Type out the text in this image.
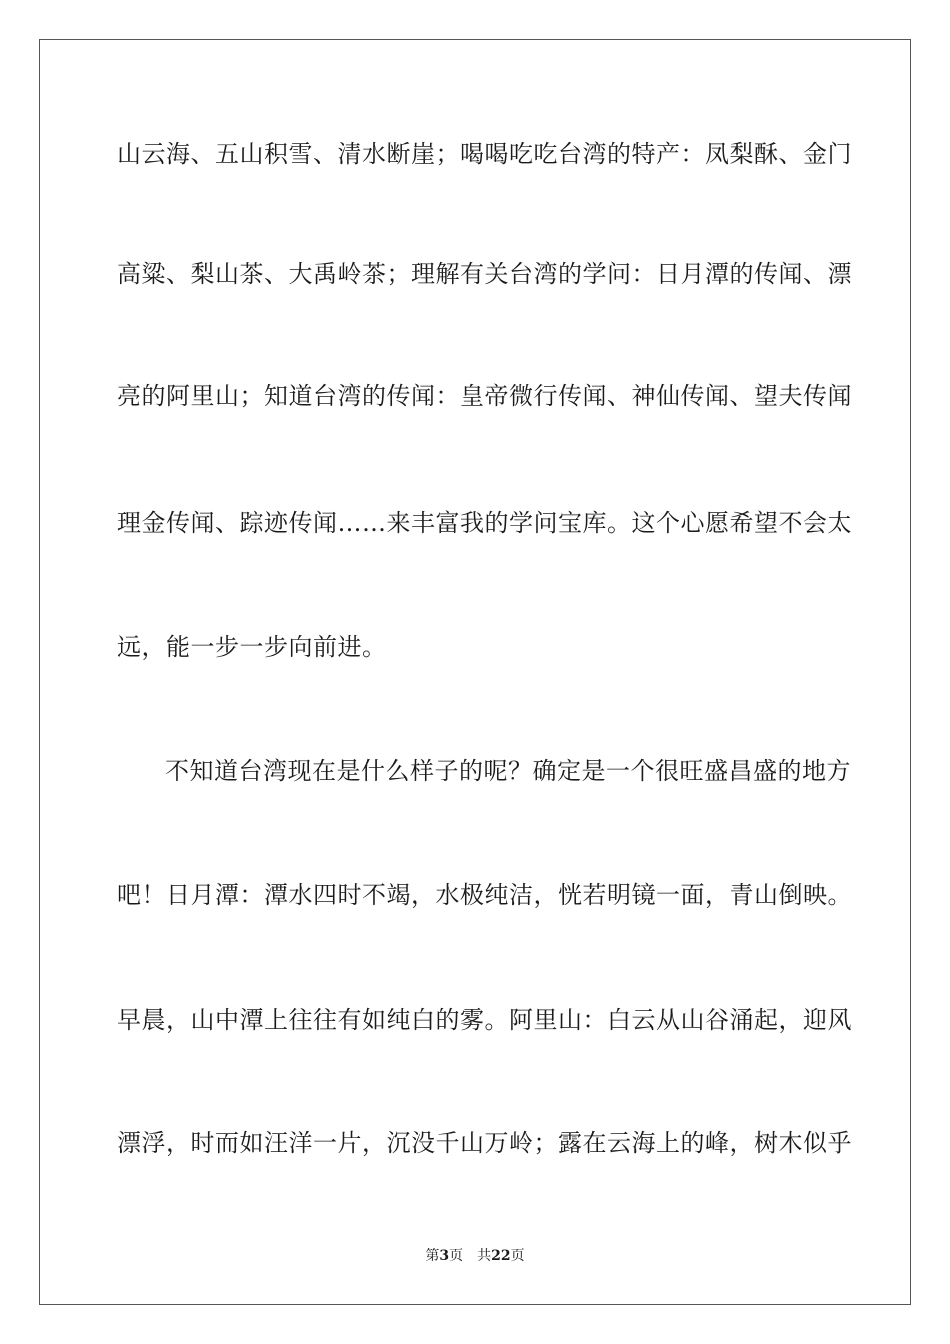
山云海、五山积雪、清水断崖；喝喝吃吃台湾的特产：凤梨酥、金门
高粱、梨山茶、大禹岭茶；理解有关台湾的学问：日月潭的传闻、漂
亮的阿里山；知道台湾的传闻：皇帝微行传闻、神仙传闻、望夫传闻
理金传闻、踪迹传闻……来丰富我的学问宝库。这个心愿希望不会太
远，能一步一步向前进。
不知道台湾现在是什么样子的呢？确定是一个很旺盛昌盛的地方
吧！日月潭：潭水四时不竭，水极纯洁，恍若明镜一面，青山倒映。
早晨，山中潭上往往有如纯白的雾。阿里山：白云从山谷涌起，迎风
漂浮，时而如汪洋一片，沉没千山万岭；露在云海上的峰，树木似乎
第3页 共22页
